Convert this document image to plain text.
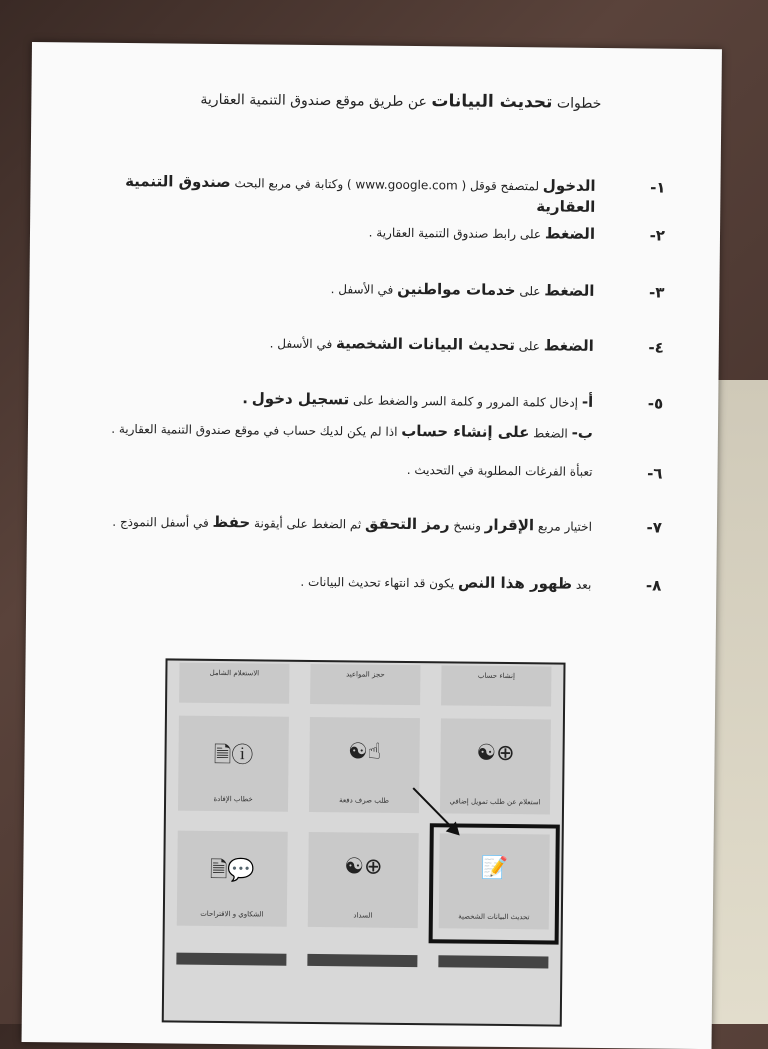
خطوات تحديث البيانات عن طريق موقع صندوق التنمية العقارية
١-
الدخول لمتصفح قوقل ( www.google.com ) وكتابة في مربع البحث صندوق التنمية العقارية
٢-
الضغط على رابط صندوق التنمية العقارية .
٣-
الضغط على خدمات مواطنين في الأسفل .
٤-
الضغط على تحديث البيانات الشخصية في الأسفل .
٥-
أ- إدخال كلمة المرور و كلمة السر والضغط على تسجيل دخول .
ب- الضغط على إنشاء حساب اذا لم يكن لديك حساب في موقع صندوق التنمية العقارية .
٦-
تعبأة الفرغات المطلوبة في التحديث .
٧-
اختيار مربع الإقرار ونسخ رمز التحقق ثم الضغط على أيقونة حفظ في أسفل النموذج .
٨-
بعد ظهور هذا النص يكون قد انتهاء تحديث البيانات .
الاستعلام الشامل	حجز المواعيد	إنشاء حساب
🗎ⓘ
خطاب الإفادة
☯☝
طلب صرف دفعة
☯⊕
استعلام عن طلب تمويل إضافي
🗎💬
الشكاوي و الاقتراحات
☯⊕
السداد
📝
تحديث البيانات الشخصية
